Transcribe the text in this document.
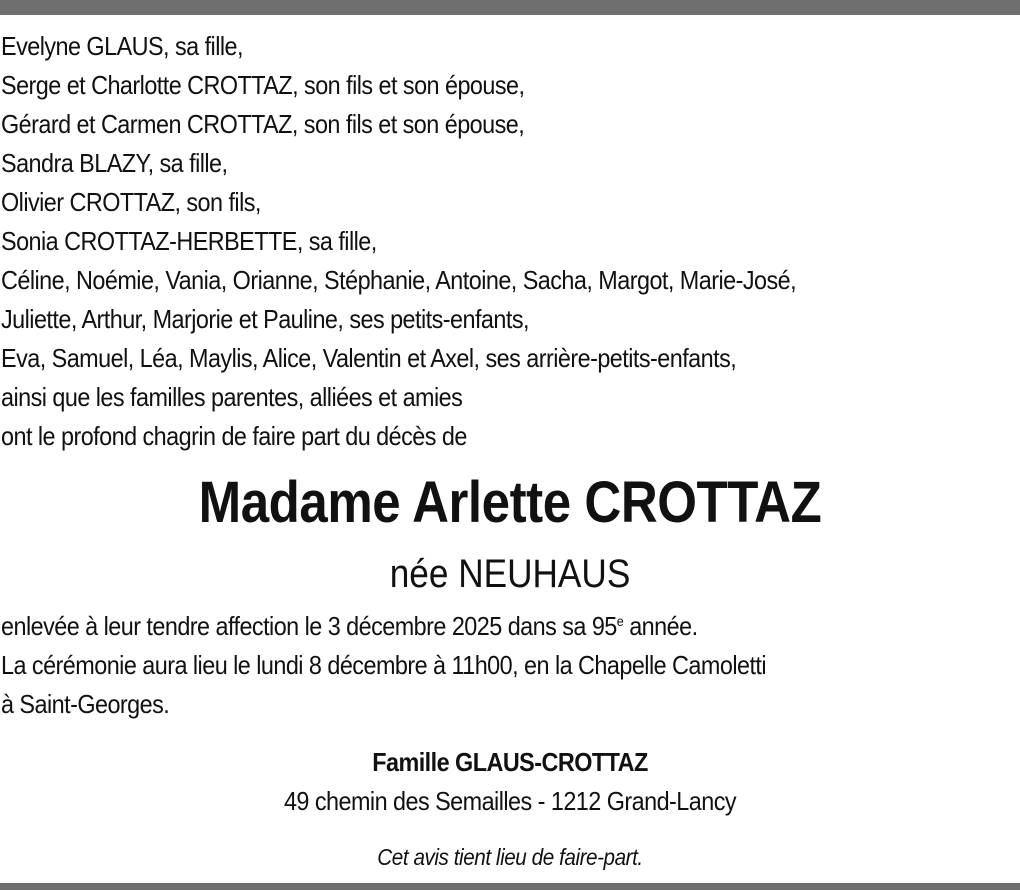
Evelyne GLAUS, sa fille,
Serge et Charlotte CROTTAZ, son fils et son épouse,
Gérard et Carmen CROTTAZ, son fils et son épouse,
Sandra BLAZY, sa fille,
Olivier CROTTAZ, son fils,
Sonia CROTTAZ-HERBETTE, sa fille,
Céline, Noémie, Vania, Orianne, Stéphanie, Antoine, Sacha, Margot, Marie-José,
Juliette, Arthur, Marjorie et Pauline, ses petits-enfants,
Eva, Samuel, Léa, Maylis, Alice, Valentin et Axel, ses arrière-petits-enfants,
ainsi que les familles parentes, alliées et amies
ont le profond chagrin de faire part du décès de
Madame Arlette CROTTAZ
née NEUHAUS
enlevée à leur tendre affection le 3 décembre 2025 dans sa 95e année.
La cérémonie aura lieu le lundi 8 décembre à 11h00, en la Chapelle Camoletti
à Saint-Georges.
Famille GLAUS-CROTTAZ
49 chemin des Semailles - 1212 Grand-Lancy
Cet avis tient lieu de faire-part.
